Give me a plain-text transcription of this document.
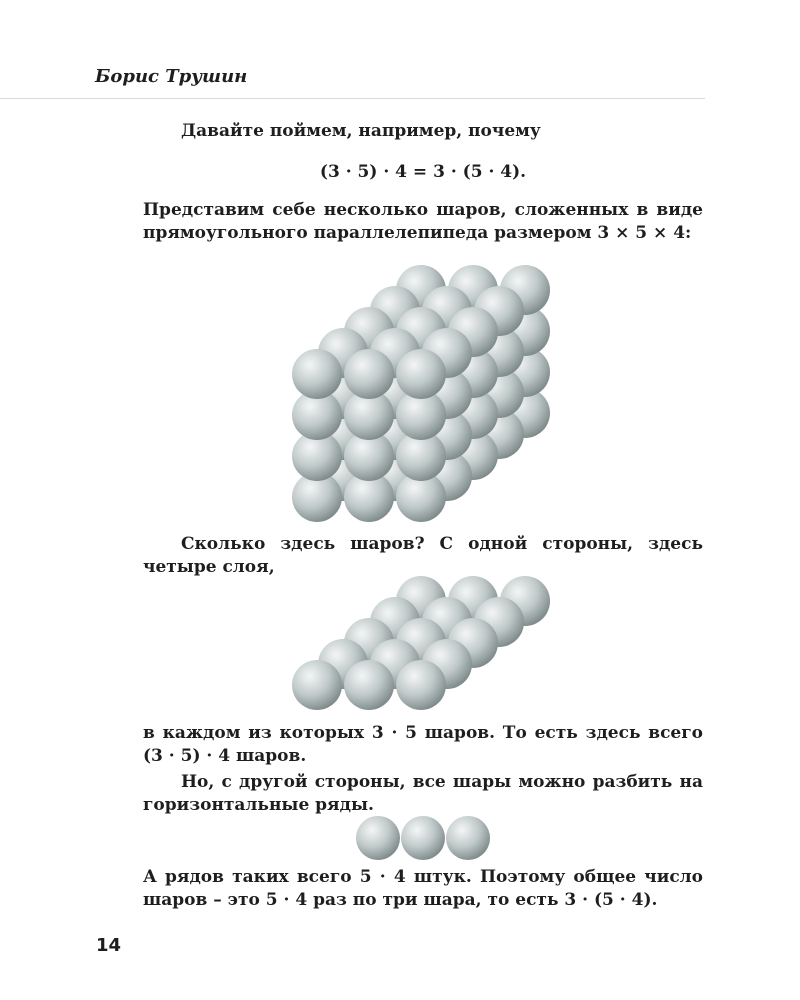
Борис Трушин

Давайте поймем, например, почему

(3 · 5) · 4 = 3 · (5 · 4).

Представим себе несколько шаров, сложенных в виде прямоугольного параллелепипеда размером 3 × 5 × 4:

Сколько здесь шаров? С одной стороны, здесь четыре слоя,

в каждом из которых 3 · 5 шаров. То есть здесь всего (3 · 5) · 4 шаров.

Но, с другой стороны, все шары можно разбить на горизонтальные ряды.

А рядов таких всего 5 · 4 штук. Поэтому общее число шаров – это 5 · 4 раз по три шара, то есть 3 · (5 · 4).

14
